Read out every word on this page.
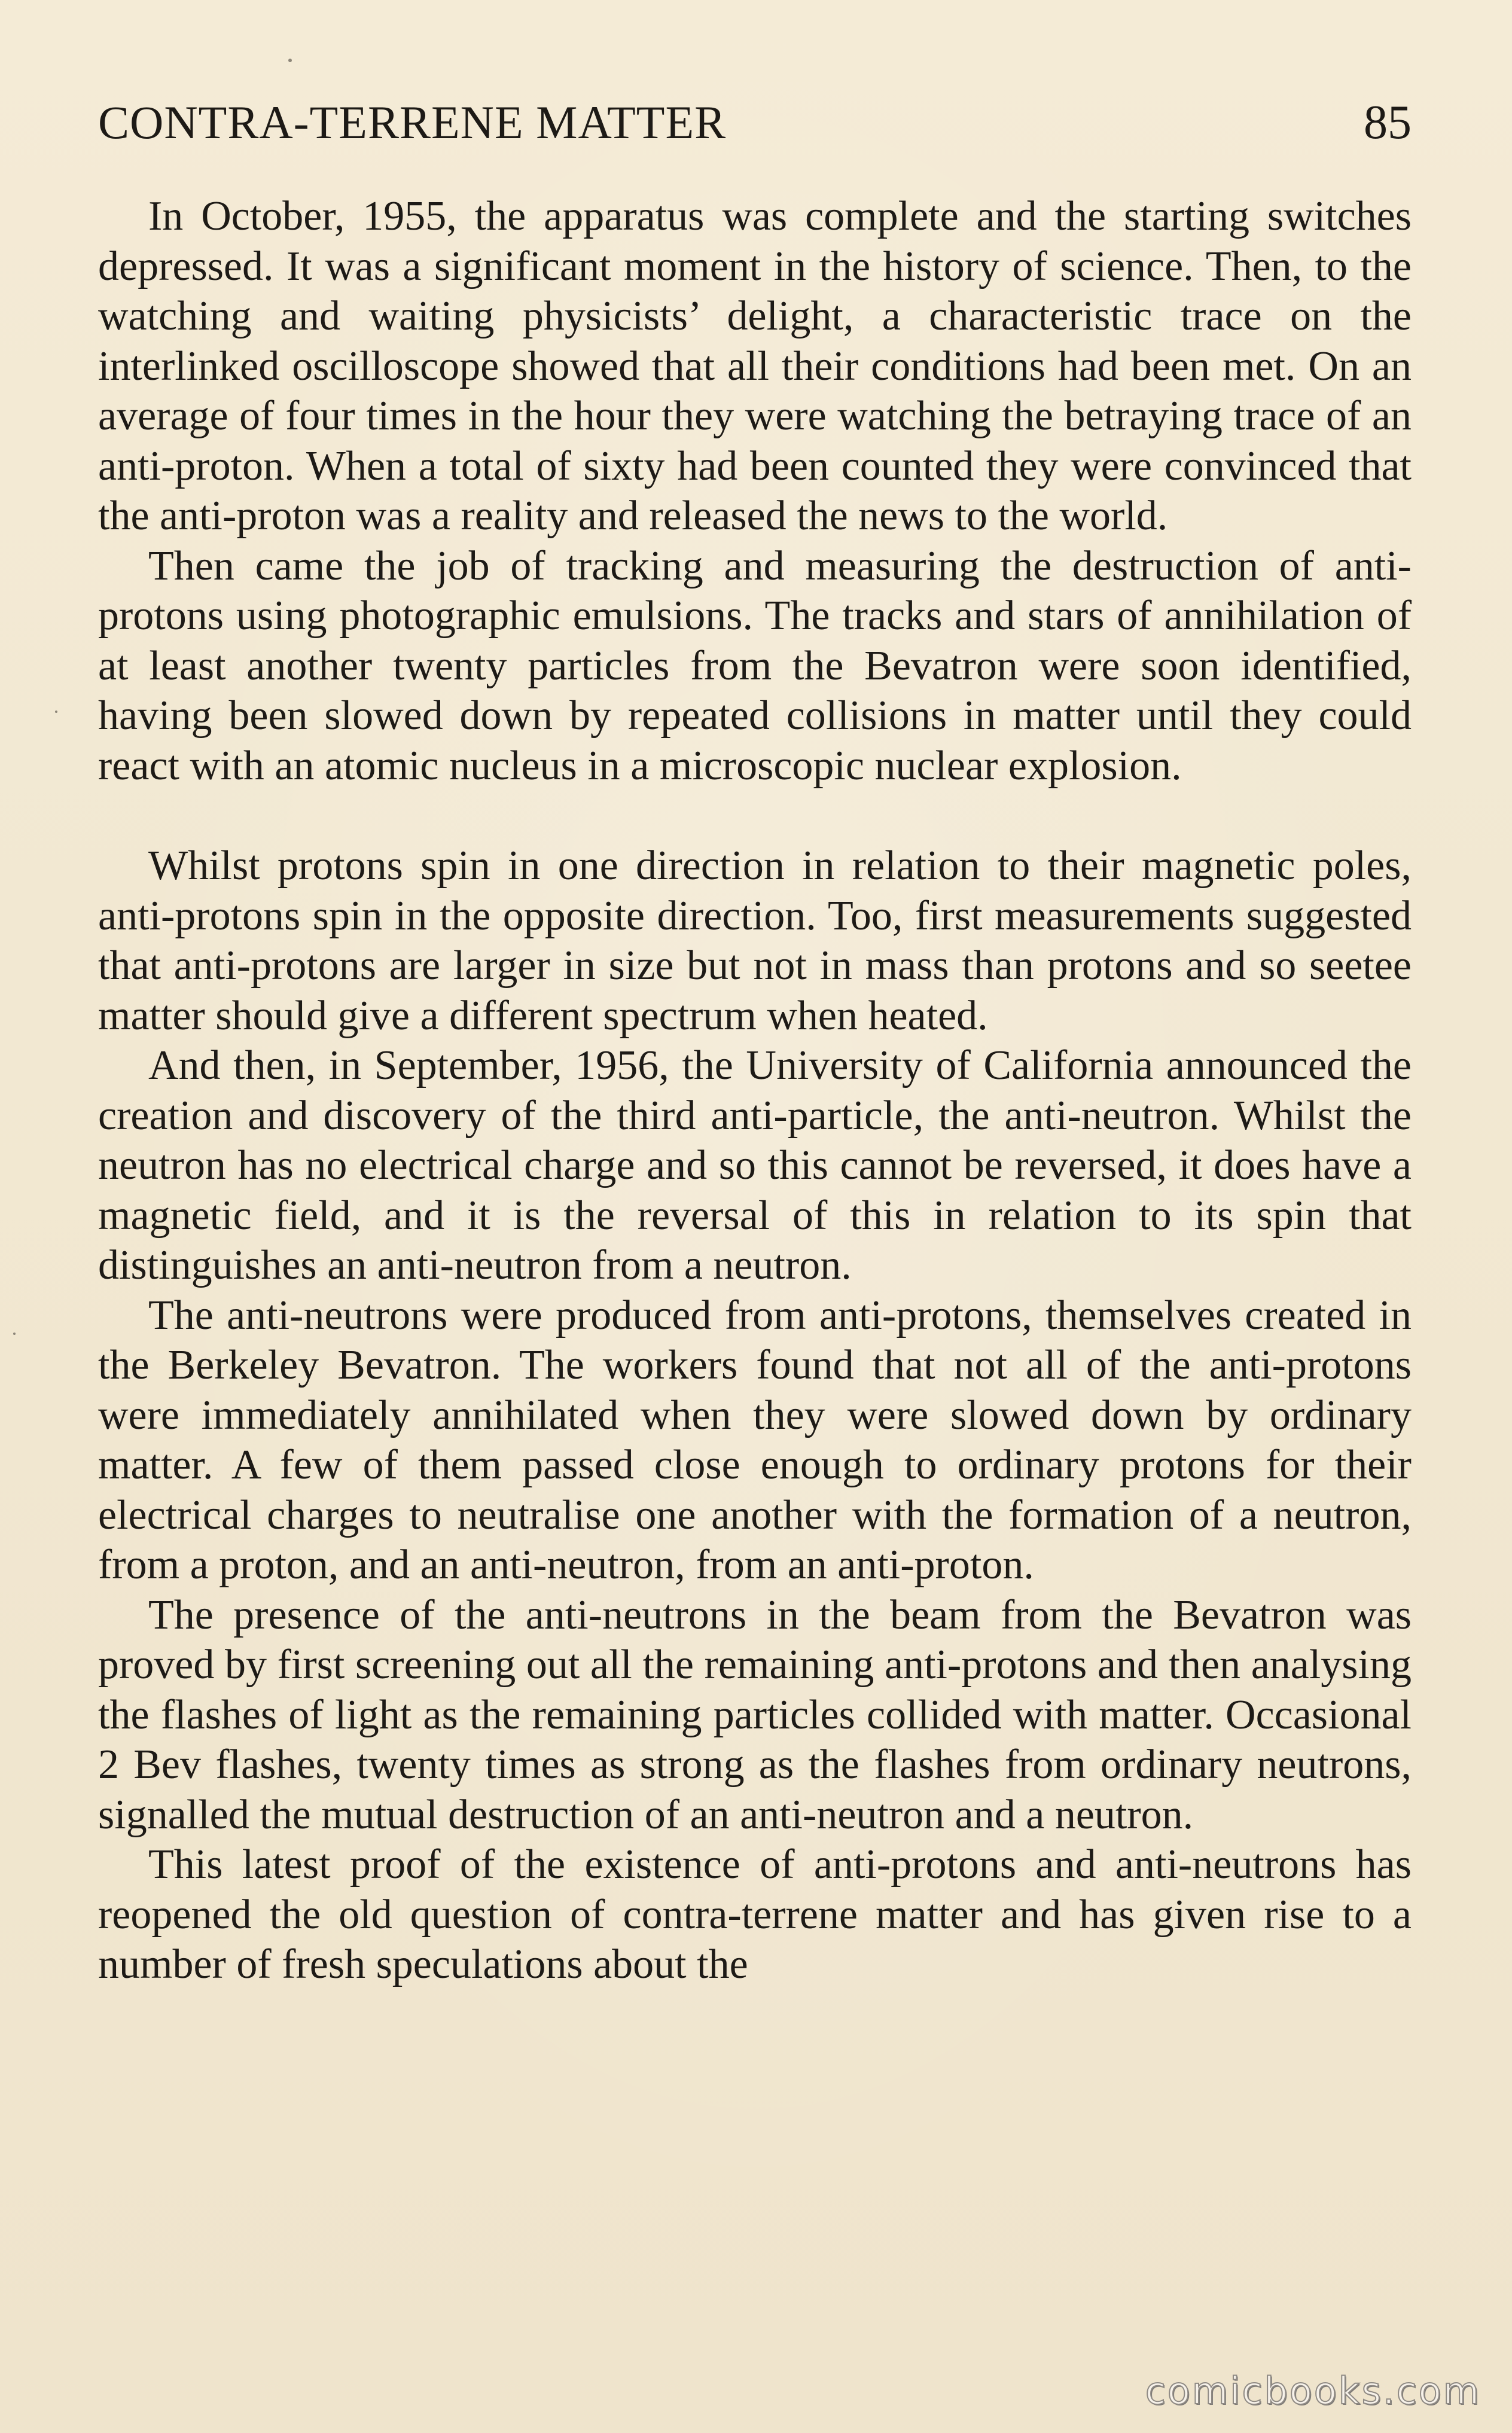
CONTRA-TERRENE MATTER	85

In October, 1955, the apparatus was complete and the starting switches depressed. It was a significant moment in the history of science. Then, to the watching and waiting physicists’ delight, a characteristic trace on the interlinked oscilloscope showed that all their conditions had been met. On an average of four times in the hour they were watching the betraying trace of an anti-proton. When a total of sixty had been counted they were convinced that the anti-proton was a reality and released the news to the world.

Then came the job of tracking and measuring the destruction of anti-protons using photographic emulsions. The tracks and stars of annihilation of at least another twenty particles from the Bevatron were soon identified, having been slowed down by repeated collisions in matter until they could react with an atomic nucleus in a microscopic nuclear explosion.

Whilst protons spin in one direction in relation to their magnetic poles, anti-protons spin in the opposite direction. Too, first measurements suggested that anti-protons are larger in size but not in mass than protons and so seetee matter should give a different spectrum when heated.

And then, in September, 1956, the University of California announced the creation and discovery of the third anti-particle, the anti-neutron. Whilst the neutron has no electrical charge and so this cannot be reversed, it does have a magnetic field, and it is the reversal of this in relation to its spin that distinguishes an anti-neutron from a neutron.

The anti-neutrons were produced from anti-protons, themselves created in the Berkeley Bevatron. The workers found that not all of the anti-protons were immediately annihilated when they were slowed down by ordinary matter. A few of them passed close enough to ordinary protons for their electrical charges to neutralise one another with the formation of a neutron, from a proton, and an anti-neutron, from an anti-proton.

The presence of the anti-neutrons in the beam from the Bevatron was proved by first screening out all the remaining anti-protons and then analysing the flashes of light as the remaining particles collided with matter. Occasional 2 Bev flashes, twenty times as strong as the flashes from ordinary neutrons, signalled the mutual destruction of an anti-neutron and a neutron.

This latest proof of the existence of anti-protons and anti-neutrons has reopened the old question of contra-terrene matter and has given rise to a number of fresh speculations about the

comicbooks.com
